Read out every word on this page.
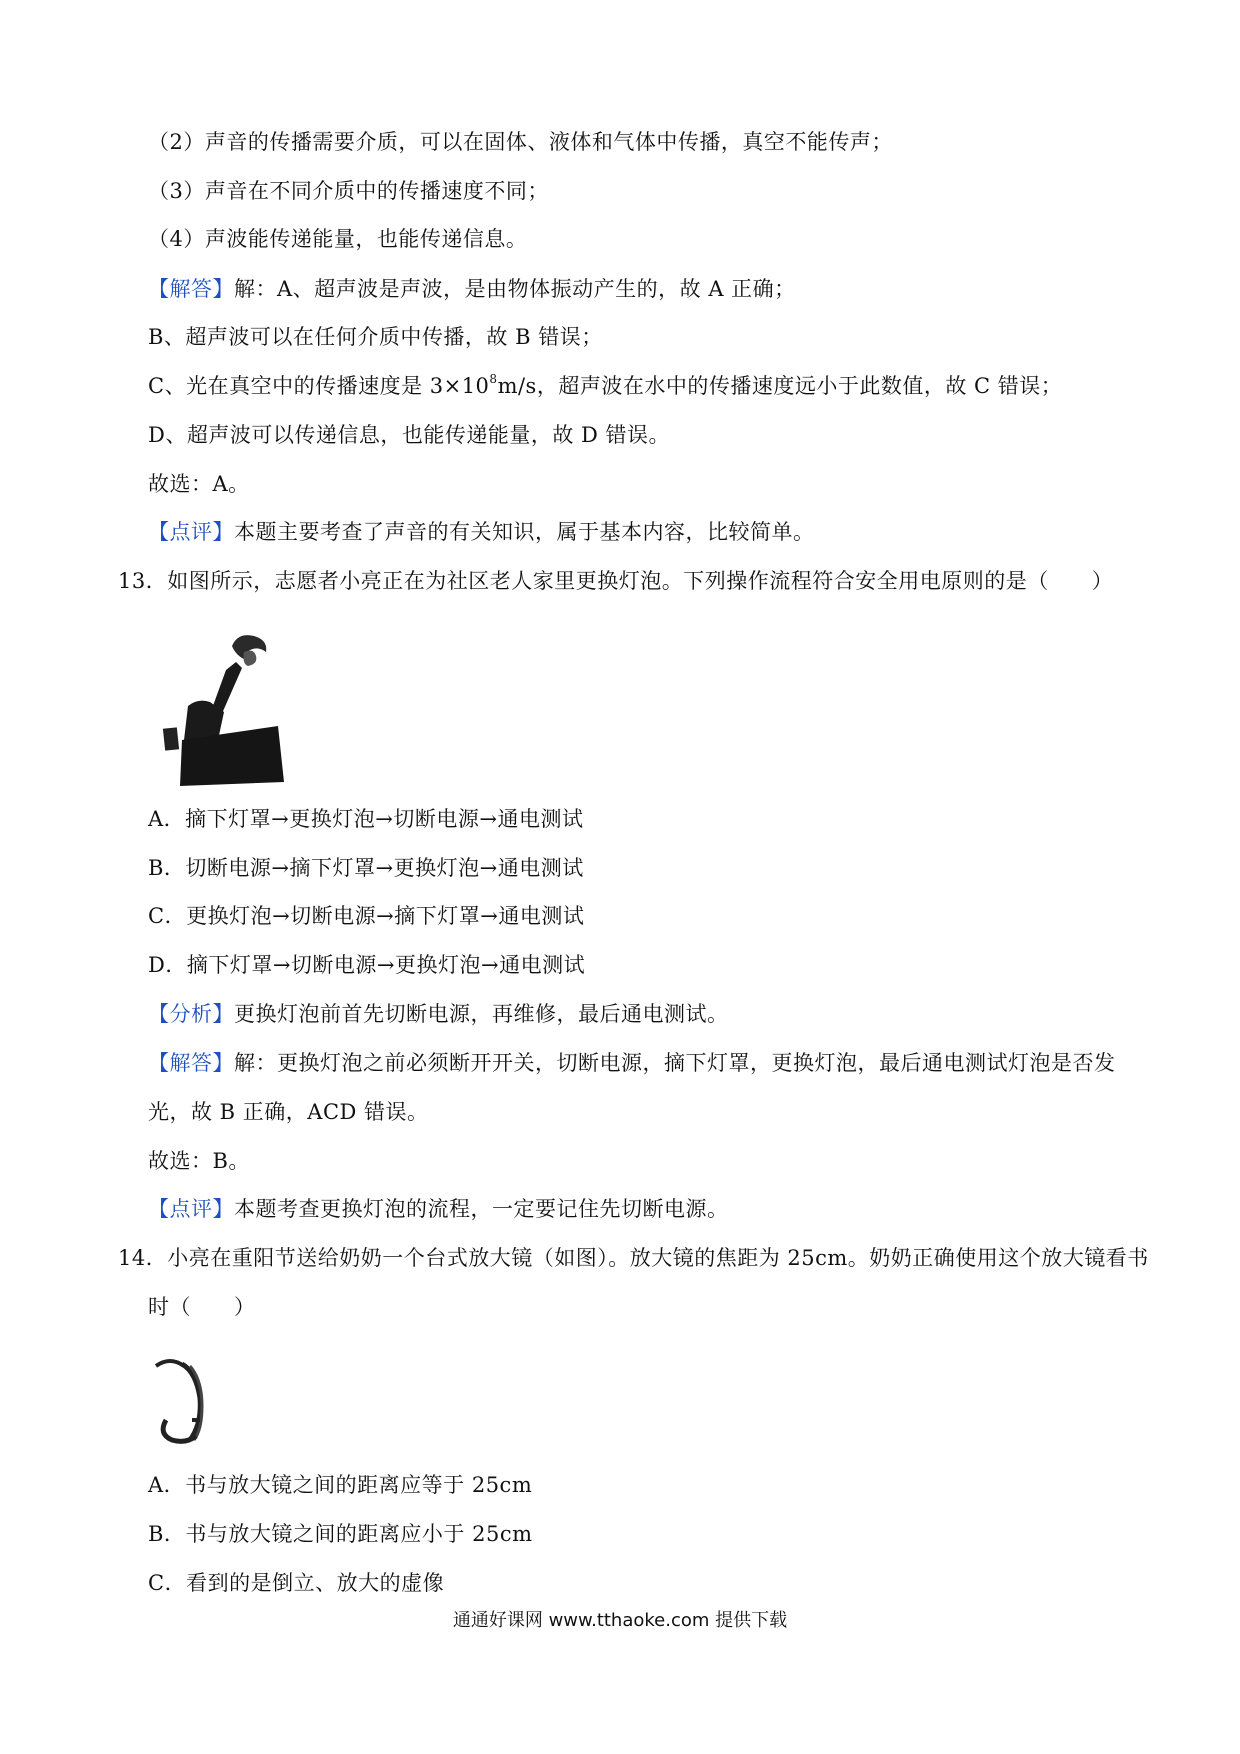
（2）声音的传播需要介质，可以在固体、液体和气体中传播，真空不能传声；
（3）声音在不同介质中的传播速度不同；
（4）声波能传递能量，也能传递信息。
【解答】解：A、超声波是声波，是由物体振动产生的，故 A 正确；
B、超声波可以在任何介质中传播，故 B 错误；
C、光在真空中的传播速度是 $3\times 10^8m/s$，超声波在水中的传播速度远小于此数值，故 C 错误；
D、超声波可以传递信息，也能传递能量，故 D 错误。
故选：A。
【点评】本题主要考查了声音的有关知识，属于基本内容，比较简单。
13．如图所示，志愿者小亮正在为社区老人家里更换灯泡。下列操作流程符合安全用电原则的是（　　）
A．摘下灯罩→更换灯泡→切断电源→通电测试
B．切断电源→摘下灯罩→更换灯泡→通电测试
C．更换灯泡→切断电源→摘下灯罩→通电测试
D．摘下灯罩→切断电源→更换灯泡→通电测试
【分析】更换灯泡前首先切断电源，再维修，最后通电测试。
【解答】解：更换灯泡之前必须断开开关，切断电源，摘下灯罩，更换灯泡，最后通电测试灯泡是否发
光，故 B 正确，ACD 错误。
故选：B。
【点评】本题考查更换灯泡的流程，一定要记住先切断电源。
14．小亮在重阳节送给奶奶一个台式放大镜（如图）。放大镜的焦距为 25cm。奶奶正确使用这个放大镜看书
时（　　）
A．书与放大镜之间的距离应等于 25cm
B．书与放大镜之间的距离应小于 25cm
C．看到的是倒立、放大的虚像
通通好课网 www.tthaoke.com 提供下载
